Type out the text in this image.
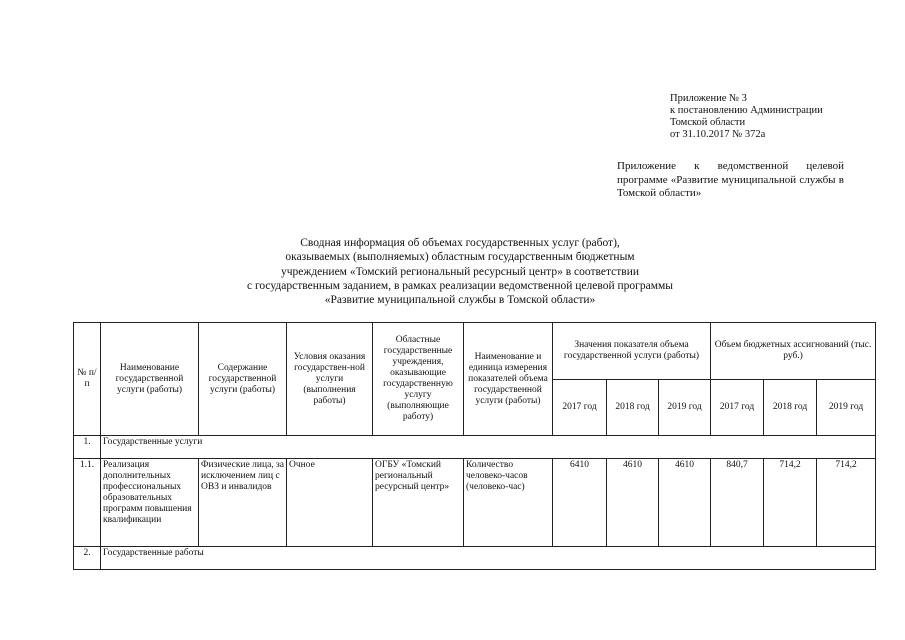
Приложение № 3
к постановлению Администрации
Томской области
от 31.10.2017 № 372а
Приложение к ведомственной целевой программе «Развитие муниципальной службы в Томской области»
Сводная информация об объемах государственных услуг (работ),
оказываемых (выполняемых) областным государственным бюджетным
учреждением «Томский региональный ресурсный центр» в соответствии
с государственным заданием, в рамках реализации ведомственной целевой программы
«Развитие муниципальной службы в Томской области»
№ п/п	Наименование государственной услуги (работы)	Содержание государственной услуги (работы)	Условия оказания государствен-ной услуги (выполнения работы)	Областные государственные учреждения, оказывающие государственную услугу (выполняющие работу)	Наименование и единица измерения показателей объема государственной услуги (работы)	Значения показателя объема государственной услуги (работы)			Объем бюджетных ассигнований (тыс. руб.)		
						2017 год	2018 год	2019 год	2017 год	2018 год	2019 год
1.	Государственные услуги										
1.1.	Реализация дополнительных профессиональных образовательных программ повышения квалификации	Физические лица, за исключением лиц с ОВЗ и инвалидов	Очное	ОГБУ «Томский региональный ресурсный центр»	Количество человеко-часов (человеко-час)	6410	4610	4610	840,7	714,2	714,2
2.	Государственные работы										
